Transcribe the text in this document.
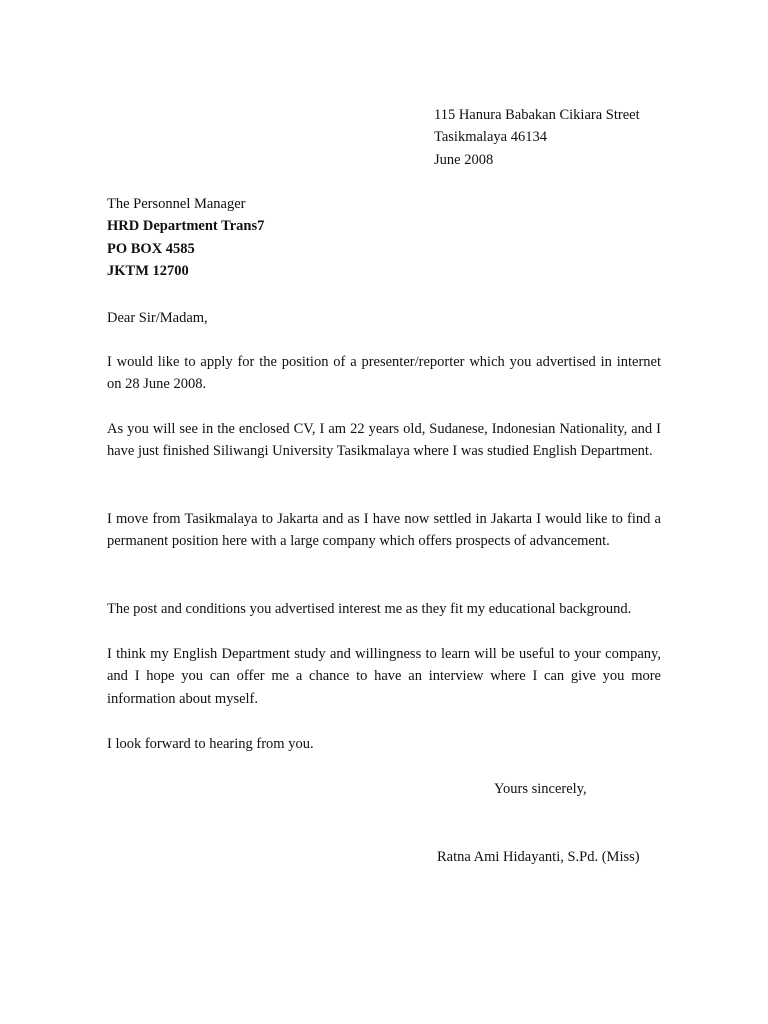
115 Hanura Babakan Cikiara Street
Tasikmalaya 46134
June 2008
The Personnel Manager
HRD Department Trans7
PO BOX 4585
JKTM 12700
Dear Sir/Madam,

I would like to apply for the position of a presenter/reporter which you advertised in internet on 28 June 2008.

As you will see in the enclosed CV, I am 22 years old, Sudanese, Indonesian Nationality, and I have just finished Siliwangi University Tasikmalaya where I was studied English Department.

I move from Tasikmalaya to Jakarta and as I have now settled in Jakarta I would like to find a permanent position here with a large company which offers prospects of advancement.

The post and conditions you advertised interest me as they fit my educational background.

I think my English Department study and willingness to learn will be useful to your company, and I hope you can offer me a chance to have an interview where I can give you more information about myself.

I look forward to hearing from you.

Yours sincerely,
Ratna Ami Hidayanti, S.Pd. (Miss)
